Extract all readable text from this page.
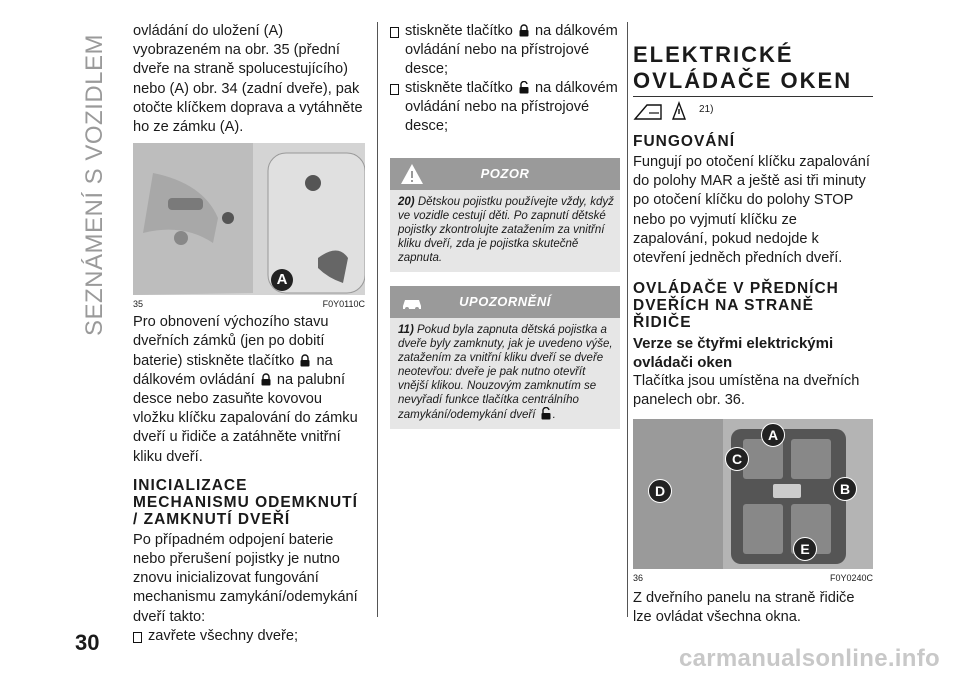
SEZNÁMENÍ S VOZIDLEM

ovládání do uložení (A) vyobrazeném na obr. 35 (přední dveře na straně spolucestujícího) nebo (A) obr. 34 (zadní dveře), pak otočte klíčkem doprava a vytáhněte ho ze zámku (A).

A
35	F0Y0110C

Pro obnovení výchozího stavu dveřních zámků (jen po dobití baterie) stiskněte tlačítko na dálkovém ovládání na palubní desce nebo zasuňte kovovou vložku klíčku zapalování do zámku dveří u řidiče a zatáhněte vnitřní kliku dveří.

INICIALIZACE MECHANISMU ODEMKNUTÍ / ZAMKNUTÍ DVEŘÍ

Po případném odpojení baterie nebo přerušení pojistky je nutno znovu inicializovat fungování mechanismu zamykání/odemykání dveří takto:

zavřete všechny dveře;
stiskněte tlačítko na dálkovém ovládání nebo na přístrojové desce;
stiskněte tlačítko na dálkovém ovládání nebo na přístrojové desce;
POZOR
20) Dětskou pojistku používejte vždy, když ve vozidle cestují děti. Po zapnutí dětské pojistky zkontrolujte zatažením za vnitřní kliku dveří, zda je pojistka skutečně zapnuta.
UPOZORNĚNÍ
11) Pokud byla zapnuta dětská pojistka a dveře byly zamknuty, jak je uvedeno výše, zatažením za vnitřní kliku dveří se dveře neotevřou: dveře je pak nutno otevřít vnější klikou. Nouzovým zamknutím se nevyřadí funkce tlačítka centrálního zamykání/odemykání dveří .
ELEKTRICKÉ OVLÁDAČE OKEN
21)
FUNGOVÁNÍ

Fungují po otočení klíčku zapalování do polohy MAR a ještě asi tři minuty po otočení klíčku do polohy STOP nebo po vyjmutí klíčku ze zapalování, pokud nedojde k otevření jedněch předních dveří.

OVLÁDAČE V PŘEDNÍCH DVEŘÍCH NA STRANĚ ŘIDIČE
Verze se čtyřmi elektrickými ovládači oken

Tlačítka jsou umístěna na dveřních panelech obr. 36.

A
B
C
D
E
36	F0Y0240C

Z dveřního panelu na straně řidiče lze ovládat všechna okna.

30
carmanualsonline.info
